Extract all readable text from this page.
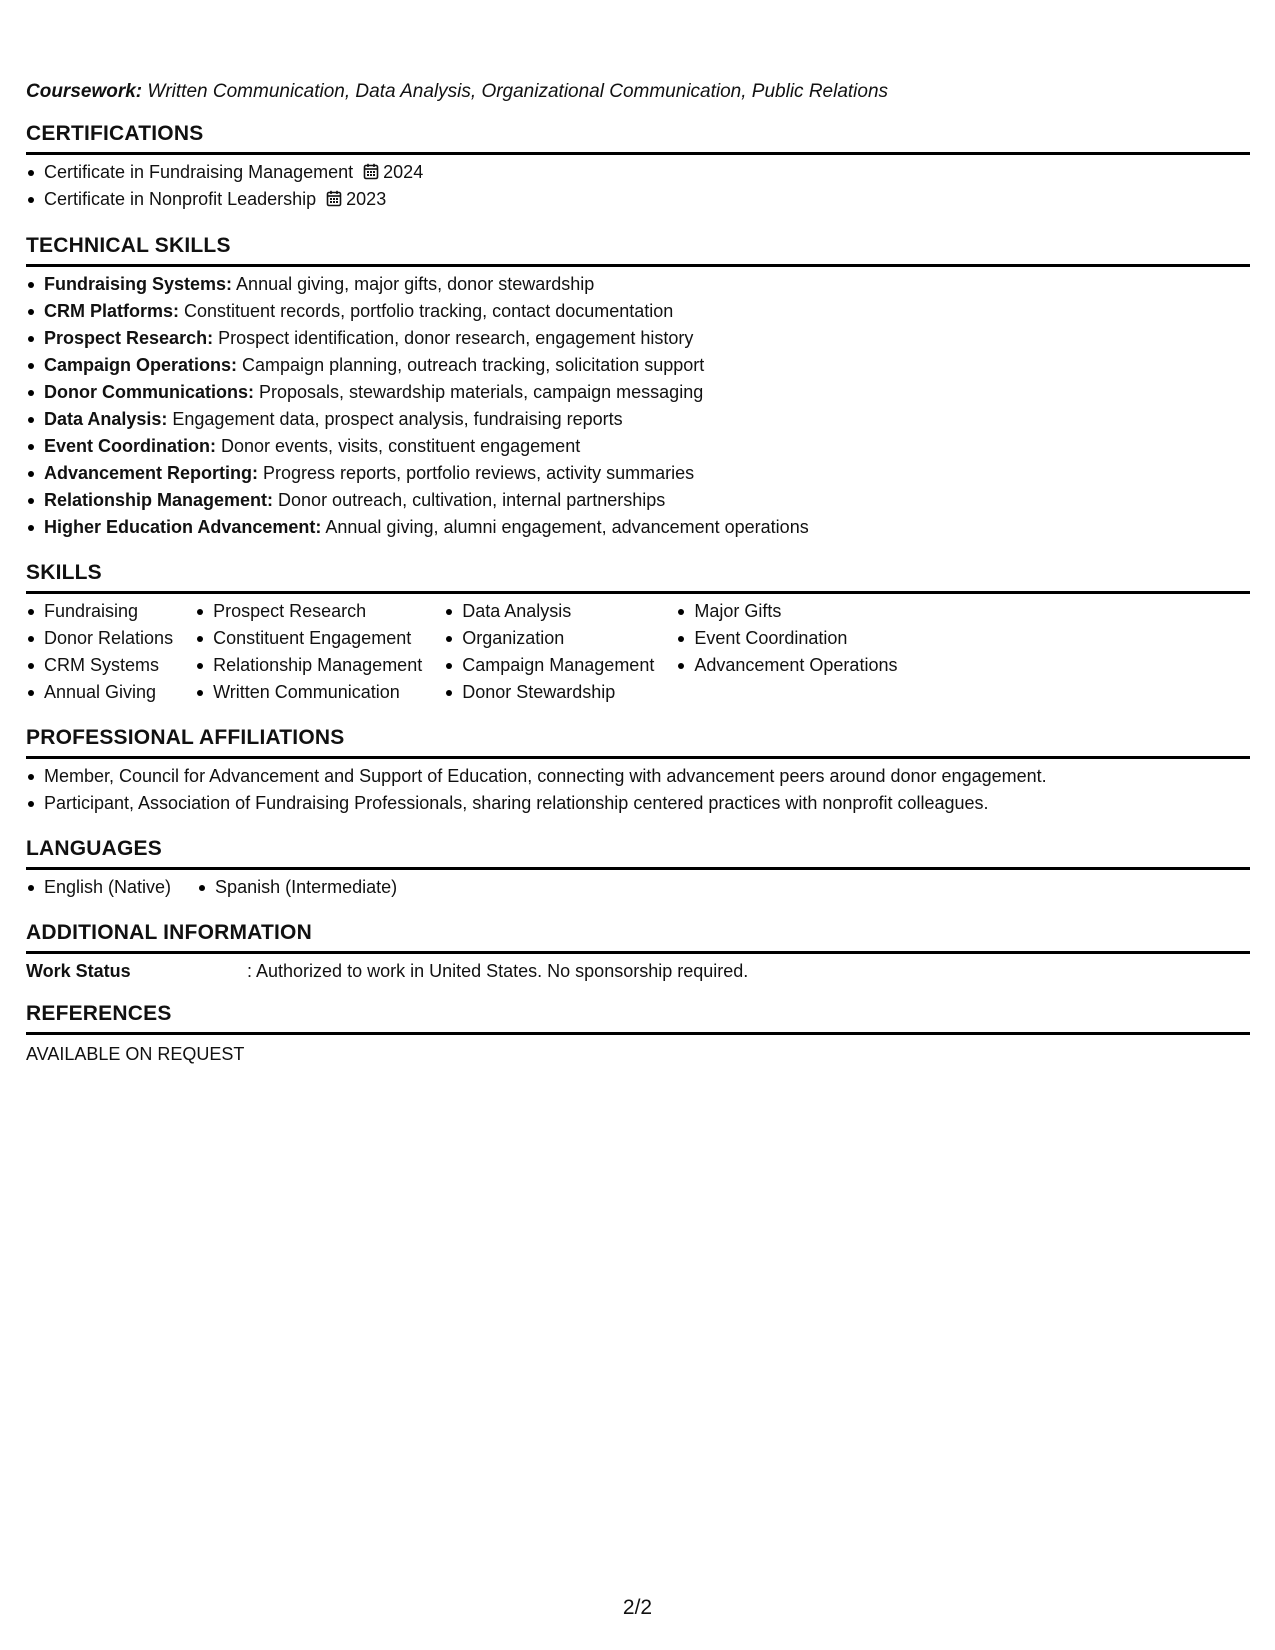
Coursework: Written Communication, Data Analysis, Organizational Communication, Public Relations
CERTIFICATIONS
Certificate in Fundraising Management 2024
Certificate in Nonprofit Leadership 2023
TECHNICAL SKILLS
Fundraising Systems: Annual giving, major gifts, donor stewardship
CRM Platforms: Constituent records, portfolio tracking, contact documentation
Prospect Research: Prospect identification, donor research, engagement history
Campaign Operations: Campaign planning, outreach tracking, solicitation support
Donor Communications: Proposals, stewardship materials, campaign messaging
Data Analysis: Engagement data, prospect analysis, fundraising reports
Event Coordination: Donor events, visits, constituent engagement
Advancement Reporting: Progress reports, portfolio reviews, activity summaries
Relationship Management: Donor outreach, cultivation, internal partnerships
Higher Education Advancement: Annual giving, alumni engagement, advancement operations
SKILLS
Fundraising
Donor Relations
CRM Systems
Annual Giving
Prospect Research
Constituent Engagement
Relationship Management
Written Communication
Data Analysis
Organization
Campaign Management
Donor Stewardship
Major Gifts
Event Coordination
Advancement Operations
PROFESSIONAL AFFILIATIONS
Member, Council for Advancement and Support of Education, connecting with advancement peers around donor engagement.
Participant, Association of Fundraising Professionals, sharing relationship centered practices with nonprofit colleagues.
LANGUAGES
English (Native)	Spanish (Intermediate)
ADDITIONAL INFORMATION
Work Status	: Authorized to work in United States. No sponsorship required.
REFERENCES
AVAILABLE ON REQUEST
2/2
